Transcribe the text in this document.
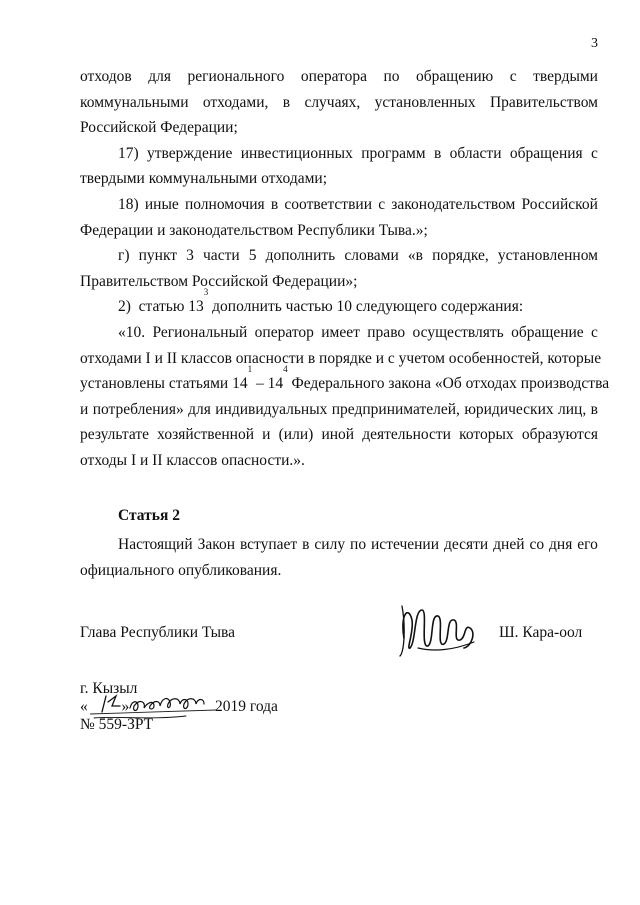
3
отходов для регионального оператора по обращению с твердыми
коммунальными отходами, в случаях, установленных Правительством
Российской Федерации;
17) утверждение инвестиционных программ в области обращения с
твердыми коммунальными отходами;
18) иные полномочия в соответствии с законодательством Российской
Федерации и законодательством Республики Тыва.»;
г) пункт 3 части 5 дополнить словами «в порядке, установленном
Правительством Российской Федерации»;
2)  статью 13
$^3$
дополнить частью 10 следующего содержания:
«10. Региональный оператор имеет право осуществлять обращение с
отходами I и II классов опасности в порядке и с учетом особенностей, которые
установлены статьями 14
$^1$
– 14
$^4$
Федерального закона «Об отходах производства
и потребления» для индивидуальных предпринимателей, юридических лиц, в
результате хозяйственной и (или) иной деятельности которых образуются
отходы I и II классов опасности.».
Статья 2
Настоящий Закон вступает в силу по истечении десяти дней со дня его
официального опубликования.
Глава Республики Тыва	Ш. Кара-оол
г. Кызыл
« »	2019 года
№ 559-ЗРТ
